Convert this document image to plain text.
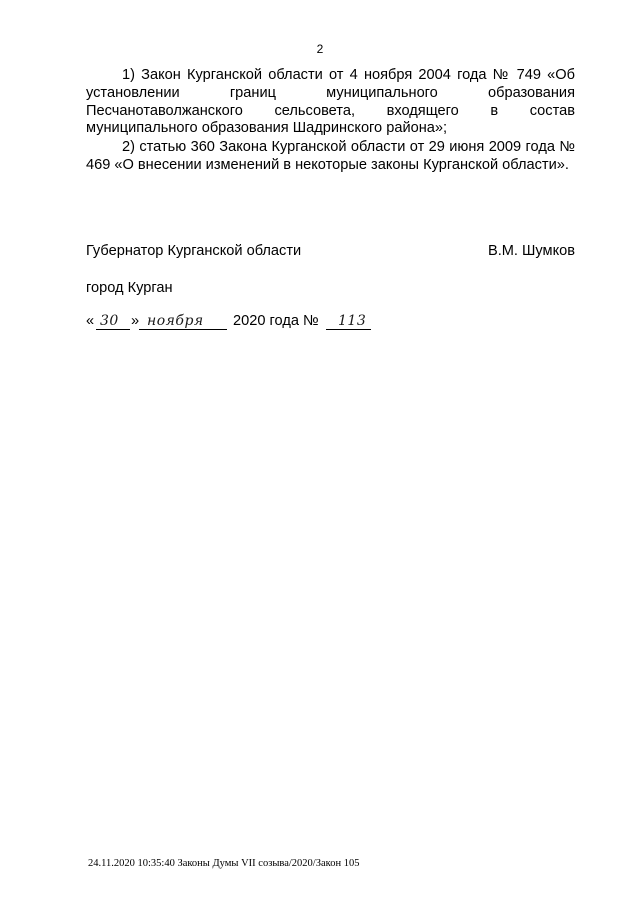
2
1) Закон Курганской области от 4 ноября 2004 года № 749 «Об установлении границ муниципального образования Песчанотаволжанского сельсовета, входящего в состав муниципального образования Шадринского района»;
2) статью 360 Закона Курганской области от 29 июня 2009 года № 469 «О внесении изменений в некоторые законы Курганской области».
Губернатор Курганской области	В.М. Шумков
город Курган
« 30 » ноября 2020 года № 113
24.11.2020 10:35:40 Законы Думы VII созыва/2020/Закон 105
